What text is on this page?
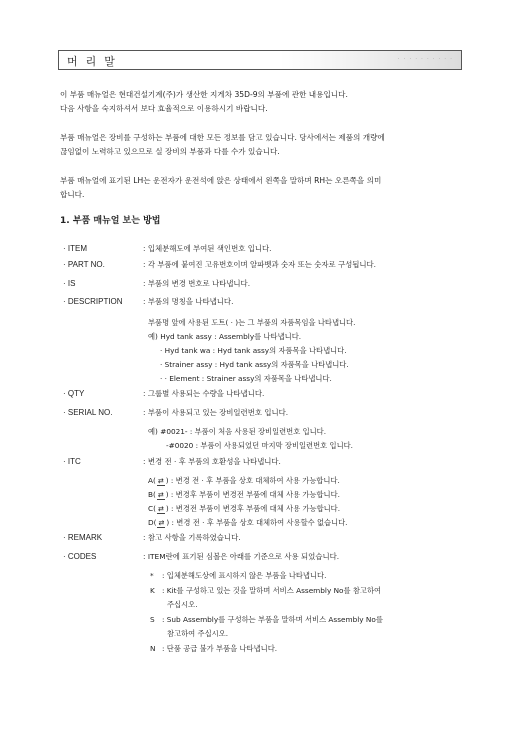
머리말	· · · · · · · · · ·

이 부품 매뉴얼은 현대건설기계(주)가 생산한 지게차 35D-9의 부품에 관한 내용입니다.

다음 사항을 숙지하셔서 보다 효율적으로 이용하시기 바랍니다.

부품 매뉴얼은 장비를 구성하는 부품에 대한 모든 정보를 담고 있습니다. 당사에서는 제품의 개량에

끊임없이 노력하고 있으므로 실 장비의 부품과 다를 수가 있습니다.

부품 매뉴얼에 표기된 LH는 운전자가 운전석에 앉은 상태에서 왼쪽을 말하며 RH는 오른쪽을 의미

합니다.

1. 부품 매뉴얼 보는 방법

· ITEM	: 입체분해도에 부여된 색인번호 입니다.
· PART NO.	: 각 부품에 붙여진 고유번호이며 알파벳과 숫자 또는 숫자로 구성됩니다.
· IS	: 부품의 변경 번호로 나타냅니다.
· DESCRIPTION	: 부품의 명칭을 나타냅니다.
부품명 앞에 사용된 도트( · )는 그 부품의 자품목임을 나타냅니다.
예) Hyd tank assy : Assembly를 나타냅니다.
· Hyd tank wa : Hyd tank assy의 자품목을 나타냅니다.
· Strainer assy : Hyd tank assy의 자품목을 나타냅니다.
· · Element : Strainer assy의 자품목을 나타냅니다.
· QTY	: 그룹별 사용되는 수량을 나타냅니다.
· SERIAL NO.	: 부품이 사용되고 있는 장비일련번호 입니다.
예) #0021- : 부품이 처음 사용된 장비일련번호 입니다.
-#0020 : 부품이 사용되었던 마지막 장비일련번호 입니다.
· ITC	: 변경 전 · 후 부품의 호환성을 나타냅니다.
A( ⇄ ) : 변경 전 · 후 부품을 상호 대체하여 사용 가능합니다.
B( ⇄ ) : 변경후 부품이 변경전 부품에 대체 사용 가능합니다.
C( ⇄ ) : 변경전 부품이 변경후 부품에 대체 사용 가능합니다.
D( ⇄ ) : 변경 전 · 후 부품을 상호 대체하여 사용할수 없습니다.
· REMARK	: 참고 사항을 기록하였습니다.
· CODES	: ITEM란에 표기된 심볼은 아래를 기준으로 사용 되었습니다.
* : 입체분해도상에 표시하지 않은 부품을 나타냅니다.
K : Kit를 구성하고 있는 것을 말하며 서비스 Assembly No를 참고하여
주십시오.
S : Sub Assembly를 구성하는 부품을 말하며 서비스 Assembly No를
참고하여 주십시오.
N : 단품 공급 불가 부품을 나타냅니다.
